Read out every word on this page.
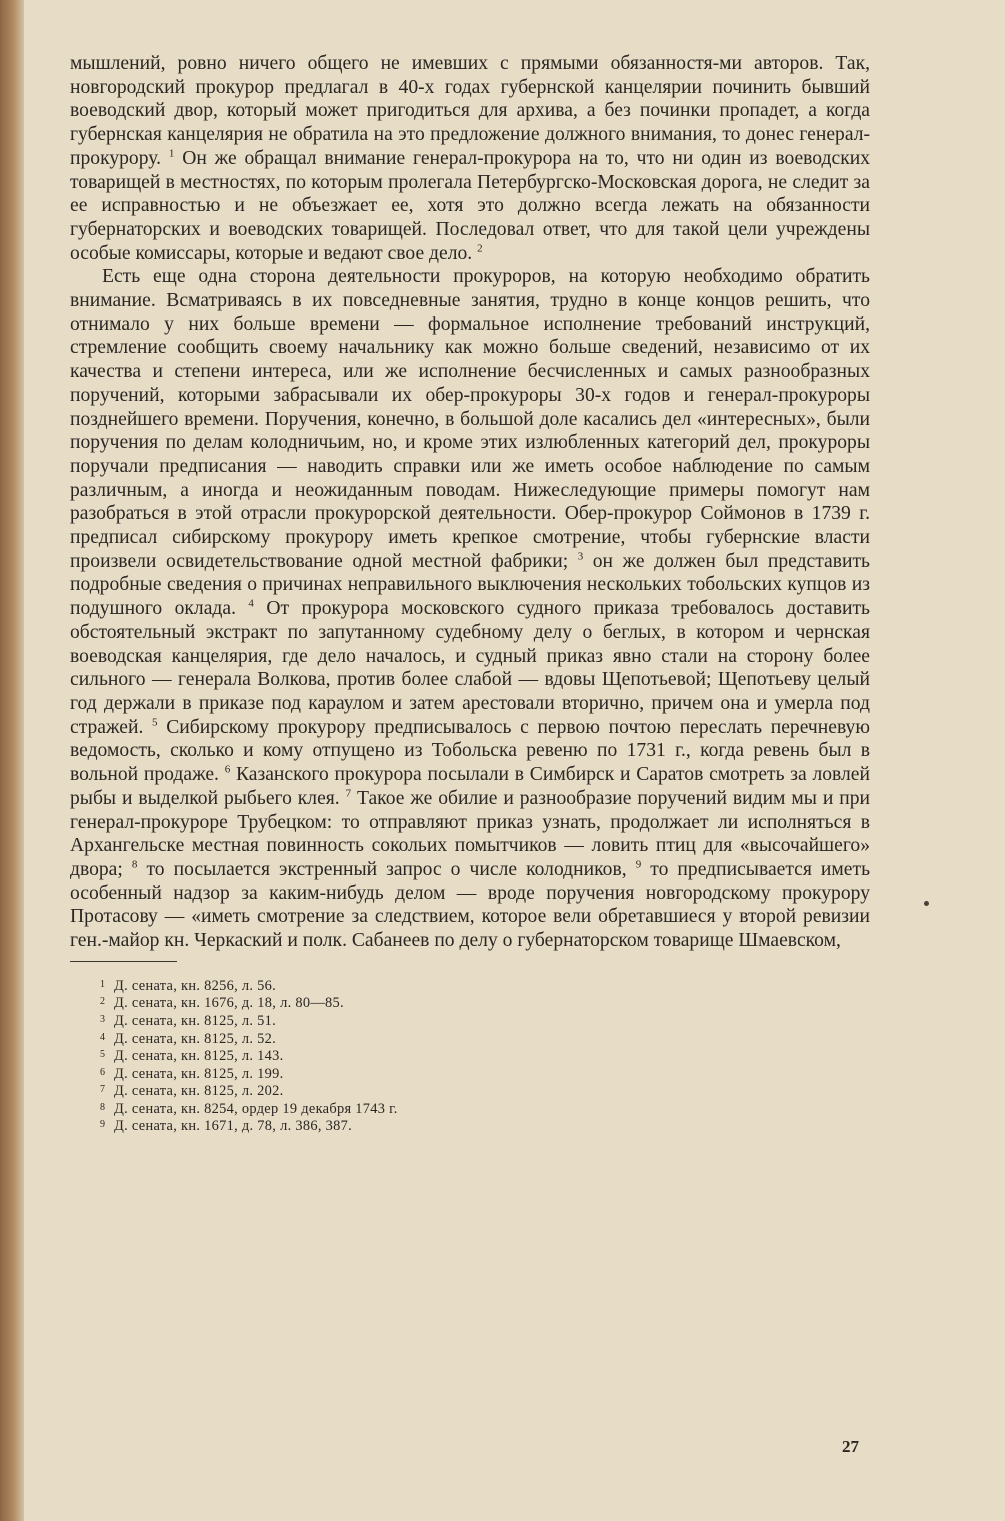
мышлений, ровно ничего общего не имевших с прямыми обязанностя-ми авторов. Так, новгородский прокурор предлагал в 40-х годах губернской канцелярии починить бывший воеводский двор, который может пригодиться для архива, а без починки пропадет, а когда губернская канцелярия не обратила на это предложение должного внимания, то донес генерал-прокурору. $^1$ Он же обращал внимание генерал-прокурора на то, что ни один из воеводских товарищей в местностях, по которым пролегала Петербургско-Московская дорога, не следит за ее исправностью и не объезжает ее, хотя это должно всегда лежать на обязанности губернаторских и воеводских товарищей. Последовал ответ, что для такой цели учреждены особые комиссары, которые и ведают свое дело. $^2$

Есть еще одна сторона деятельности прокуроров, на которую необходимо обратить внимание. Всматриваясь в их повседневные занятия, трудно в конце концов решить, что отнимало у них больше времени — формальное исполнение требований инструкций, стремление сообщить своему начальнику как можно больше сведений, независимо от их качества и степени интереса, или же исполнение бесчисленных и самых разнообразных поручений, которыми забрасывали их обер-прокуроры 30-х годов и генерал-прокуроры позднейшего времени. Поручения, конечно, в большой доле касались дел «интересных», были поручения по делам колодничьим, но, и кроме этих излюбленных категорий дел, прокуроры поручали предписания — наводить справки или же иметь особое наблюдение по самым различным, а иногда и неожиданным поводам. Нижеследующие примеры помогут нам разобраться в этой отрасли прокурорской деятельности. Обер-прокурор Соймонов в 1739 г. предписал сибирскому прокурору иметь крепкое смотрение, чтобы губернские власти произвели освидетельствование одной местной фабрики; $^3$ он же должен был представить подробные сведения о причинах неправильного выключения нескольких тобольских купцов из подушного оклада. $^4$ От прокурора московского судного приказа требовалось доставить обстоятельный экстракт по запутанному судебному делу о беглых, в котором и чернская воеводская канцелярия, где дело началось, и судный приказ явно стали на сторону более сильного — генерала Волкова, против более слабой — вдовы Щепотьевой; Щепотьеву целый год держали в приказе под караулом и затем арестовали вторично, причем она и умерла под стражей. $^5$ Сибирскому прокурору предписывалось с первою почтою переслать перечневую ведомость, сколько и кому отпущено из Тобольска ревеню по 1731 г., когда ревень был в вольной продаже. $^6$ Казанского прокурора посылали в Симбирск и Саратов смотреть за ловлей рыбы и выделкой рыбьего клея. $^7$ Такое же обилие и разнообразие поручений видим мы и при генерал-прокуроре Трубецком: то отправляют приказ узнать, продолжает ли исполняться в Архангельске местная повинность сокольих помытчиков — ловить птиц для «высочайшего» двора; $^8$ то посылается экстренный запрос о числе колодников, $^9$ то предписывается иметь особенный надзор за каким-нибудь делом — вроде поручения новгородскому прокурору Протасову — «иметь смотрение за следствием, которое вели обретавшиеся у второй ревизии ген.-майор кн. Черкаский и полк. Сабанеев по делу о губернаторском товарище Шмаевском,

1 Д. сената, кн. 8256, л. 56.
2 Д. сената, кн. 1676, д. 18, л. 80—85.
3 Д. сената, кн. 8125, л. 51.
4 Д. сената, кн. 8125, л. 52.
5 Д. сената, кн. 8125, л. 143.
6 Д. сената, кн. 8125, л. 199.
7 Д. сената, кн. 8125, л. 202.
8 Д. сената, кн. 8254, ордер 19 декабря 1743 г.
9 Д. сената, кн. 1671, д. 78, л. 386, 387.
27
